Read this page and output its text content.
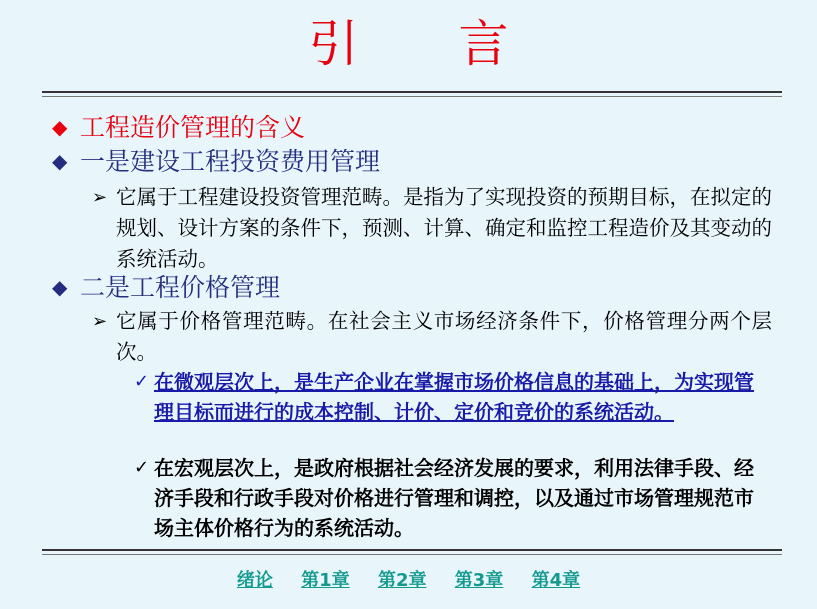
引 言
◆ 工程造价管理的含义
◆ 一是建设工程投资费用管理
➢ 它属于工程建设投资管理范畴。是指为了实现投资的预期目标，在拟定的规划、设计方案的条件下，预测、计算、确定和监控工程造价及其变动的系统活动。
◆ 二是工程价格管理
➢ 它属于价格管理范畴。在社会主义市场经济条件下，价格管理分两个层次。
✓ 在微观层次上，是生产企业在掌握市场价格信息的基础上，为实现管理目标而进行的成本控制、计价、定价和竞价的系统活动。
✓ 在宏观层次上，是政府根据社会经济发展的要求，利用法律手段、经济手段和行政手段对价格进行管理和调控，以及通过市场管理规范市场主体价格行为的系统活动。
绪论 第1章 第2章 第3章 第4章
